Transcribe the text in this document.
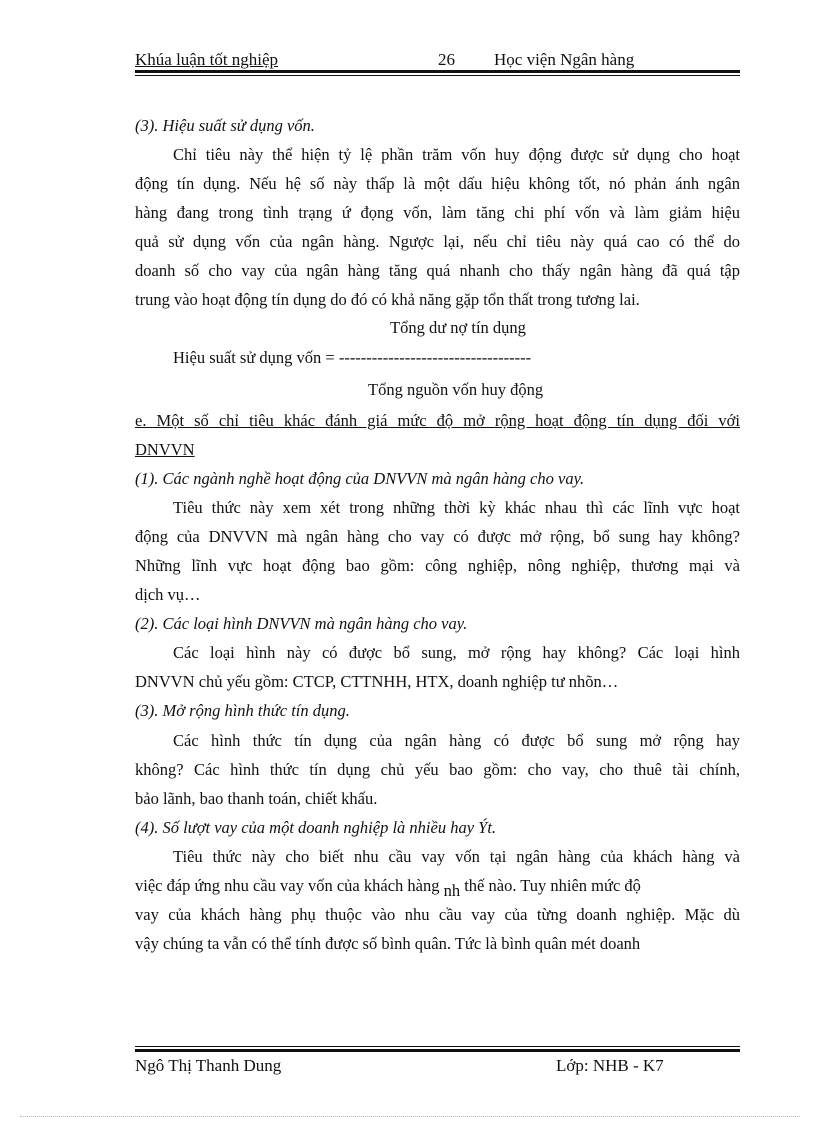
Khúa luận tốt nghiệp	26 Học viện Ngân hàng
(3). Hiệu suất sử dụng vốn.
Chỉ tiêu này thể hiện tỷ lệ phần trăm vốn huy động được sử dụng cho hoạt
động tín dụng. Nếu hệ số này thấp là một dấu hiệu không tốt, nó phản ánh ngân
hàng đang trong tình trạng ứ đọng vốn, làm tăng chi phí vốn và làm giảm hiệu
quả sử dụng vốn của ngân hàng. Ngược lại, nếu chỉ tiêu này quá cao có thể do
doanh số cho vay của ngân hàng tăng quá nhanh cho thấy ngân hàng đã quá tập
trung vào hoạt động tín dụng do đó có khả năng gặp tổn thất trong tương lai.
Tổng dư nợ tín dụng
Hiệu suất sử dụng vốn = -----------------------------------
Tổng nguồn vốn huy động
e. Một số chỉ tiêu khác đánh giá mức độ mở rộng hoạt động tín dụng đối với
DNVVN
(1). Các ngành nghề hoạt động của DNVVN mà ngân hàng cho vay.
Tiêu thức này xem xét trong những thời kỳ khác nhau thì các lĩnh vực hoạt
động của DNVVN mà ngân hàng cho vay có được mở rộng, bổ sung hay không?
Những lĩnh vực hoạt động bao gồm: công nghiệp, nông nghiệp, thương mại và
dịch vụ…
(2). Các loại hình DNVVN mà ngân hàng cho vay.
Các loại hình này có được bổ sung, mở rộng hay không? Các loại hình
DNVVN chủ yếu gồm: CTCP, CTTNHH, HTX, doanh nghiệp tư nhõn…
(3). Mở rộng hình thức tín dụng.
Các hình thức tín dụng của ngân hàng có được bổ sung mở rộng hay
không? Các hình thức tín dụng chủ yếu bao gồm: cho vay, cho thuê tài chính,
bảo lãnh, bao thanh toán, chiết khấu.
(4). Số lượt vay của một doanh nghiệp là nhiều hay Ýt.
Tiêu thức này cho biết nhu cầu vay vốn tại ngân hàng của khách hàng và
việc đáp ứng nhu cầu vay vốn của khách hàng nh thế nào. Tuy nhiên mức độ
vay của khách hàng phụ thuộc vào nhu cầu vay của từng doanh nghiệp. Mặc dù
vậy chúng ta vẫn có thể tính được số bình quân. Tức là bình quân mét doanh
Ngô Thị Thanh Dung	Lớp: NHB - K7
